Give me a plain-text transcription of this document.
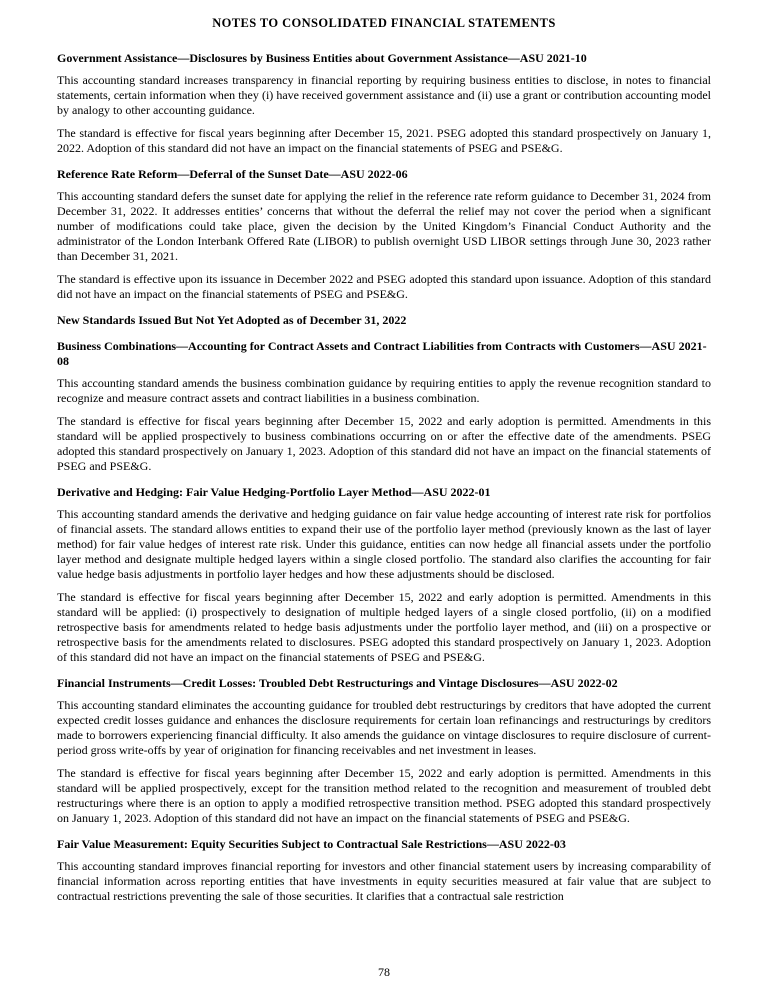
NOTES TO CONSOLIDATED FINANCIAL STATEMENTS
Government Assistance—Disclosures by Business Entities about Government Assistance—ASU 2021-10

This accounting standard increases transparency in financial reporting by requiring business entities to disclose, in notes to financial statements, certain information when they (i) have received government assistance and (ii) use a grant or contribution accounting model by analogy to other accounting guidance.

The standard is effective for fiscal years beginning after December 15, 2021. PSEG adopted this standard prospectively on January 1, 2022. Adoption of this standard did not have an impact on the financial statements of PSEG and PSE&G.

Reference Rate Reform—Deferral of the Sunset Date—ASU 2022-06

This accounting standard defers the sunset date for applying the relief in the reference rate reform guidance to December 31, 2024 from December 31, 2022. It addresses entities’ concerns that without the deferral the relief may not cover the period when a significant number of modifications could take place, given the decision by the United Kingdom’s Financial Conduct Authority and the administrator of the London Interbank Offered Rate (LIBOR) to publish overnight USD LIBOR settings through June 30, 2023 rather than December 31, 2021.

The standard is effective upon its issuance in December 2022 and PSEG adopted this standard upon issuance. Adoption of this standard did not have an impact on the financial statements of PSEG and PSE&G.

New Standards Issued But Not Yet Adopted as of December 31, 2022
Business Combinations—Accounting for Contract Assets and Contract Liabilities from Contracts with Customers—ASU 2021-08

This accounting standard amends the business combination guidance by requiring entities to apply the revenue recognition standard to recognize and measure contract assets and contract liabilities in a business combination.

The standard is effective for fiscal years beginning after December 15, 2022 and early adoption is permitted. Amendments in this standard will be applied prospectively to business combinations occurring on or after the effective date of the amendments. PSEG adopted this standard prospectively on January 1, 2023. Adoption of this standard did not have an impact on the financial statements of PSEG and PSE&G.

Derivative and Hedging: Fair Value Hedging-Portfolio Layer Method—ASU 2022-01

This accounting standard amends the derivative and hedging guidance on fair value hedge accounting of interest rate risk for portfolios of financial assets. The standard allows entities to expand their use of the portfolio layer method (previously known as the last of layer method) for fair value hedges of interest rate risk. Under this guidance, entities can now hedge all financial assets under the portfolio layer method and designate multiple hedged layers within a single closed portfolio. The standard also clarifies the accounting for fair value hedge basis adjustments in portfolio layer hedges and how these adjustments should be disclosed.

The standard is effective for fiscal years beginning after December 15, 2022 and early adoption is permitted. Amendments in this standard will be applied: (i) prospectively to designation of multiple hedged layers of a single closed portfolio, (ii) on a modified retrospective basis for amendments related to hedge basis adjustments under the portfolio layer method, and (iii) on a prospective or retrospective basis for the amendments related to disclosures. PSEG adopted this standard prospectively on January 1, 2023. Adoption of this standard did not have an impact on the financial statements of PSEG and PSE&G.

Financial Instruments—Credit Losses: Troubled Debt Restructurings and Vintage Disclosures—ASU 2022-02

This accounting standard eliminates the accounting guidance for troubled debt restructurings by creditors that have adopted the current expected credit losses guidance and enhances the disclosure requirements for certain loan refinancings and restructurings by creditors made to borrowers experiencing financial difficulty. It also amends the guidance on vintage disclosures to require disclosure of current-period gross write-offs by year of origination for financing receivables and net investment in leases.

The standard is effective for fiscal years beginning after December 15, 2022 and early adoption is permitted. Amendments in this standard will be applied prospectively, except for the transition method related to the recognition and measurement of troubled debt restructurings where there is an option to apply a modified retrospective transition method. PSEG adopted this standard prospectively on January 1, 2023. Adoption of this standard did not have an impact on the financial statements of PSEG and PSE&G.

Fair Value Measurement: Equity Securities Subject to Contractual Sale Restrictions—ASU 2022-03

This accounting standard improves financial reporting for investors and other financial statement users by increasing comparability of financial information across reporting entities that have investments in equity securities measured at fair value that are subject to contractual restrictions preventing the sale of those securities. It clarifies that a contractual sale restriction

78
